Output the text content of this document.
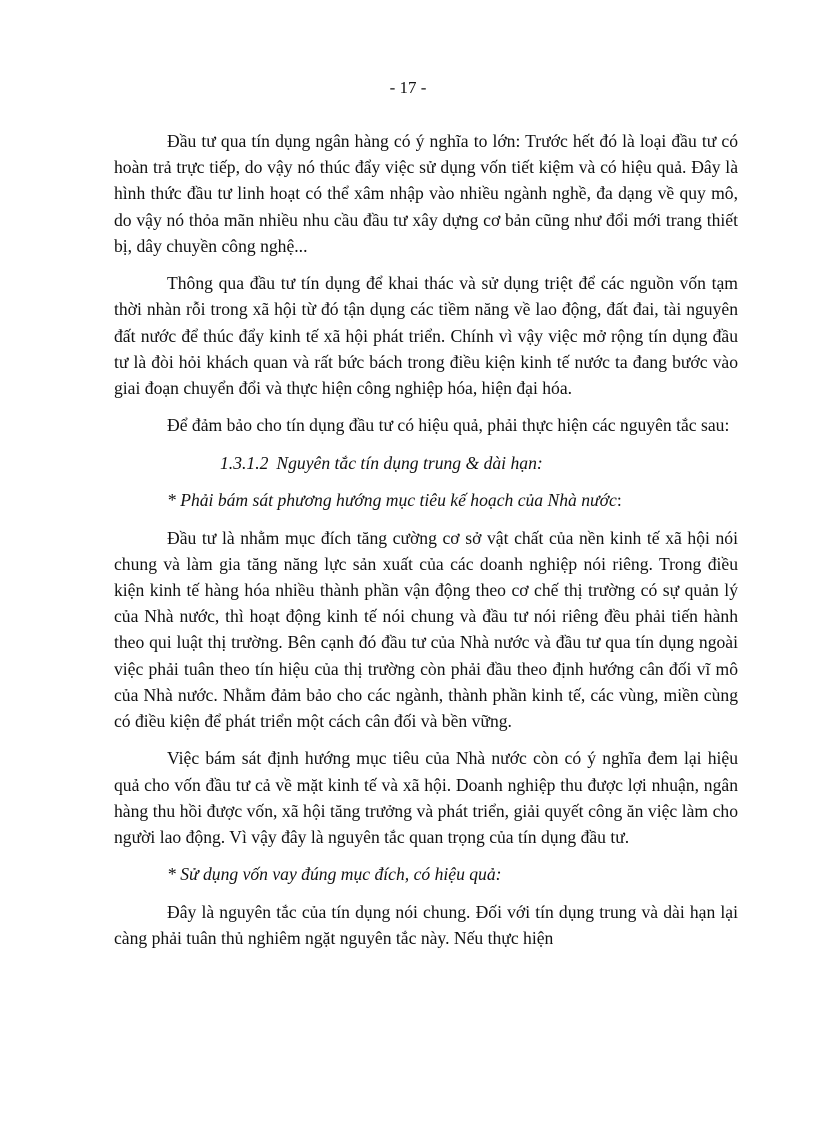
- 17 -

Đầu tư qua tín dụng ngân hàng có ý nghĩa to lớn: Trước hết đó là loại đầu tư có hoàn trả trực tiếp, do vậy nó thúc đẩy việc sử dụng vốn tiết kiệm và có hiệu quả. Đây là hình thức đầu tư linh hoạt có thể xâm nhập vào nhiều ngành nghề, đa dạng về quy mô, do vậy nó thỏa mãn nhiều nhu cầu đầu tư xây dựng cơ bản cũng như đổi mới trang thiết bị, dây chuyền công nghệ...

Thông qua đầu tư tín dụng để khai thác và sử dụng triệt để các nguồn vốn tạm thời nhàn rỗi trong xã hội từ đó tận dụng các tiềm năng về lao động, đất đai, tài nguyên đất nước để thúc đẩy kinh tế xã hội phát triển. Chính vì vậy việc mở rộng tín dụng đầu tư là đòi hỏi khách quan và rất bức bách trong điều kiện kinh tế nước ta đang bước vào giai đoạn chuyển đổi và thực hiện công nghiệp hóa, hiện đại hóa.

Để đảm bảo cho tín dụng đầu tư có hiệu quả, phải thực hiện các nguyên tắc sau:

1.3.1.2 Nguyên tắc tín dụng trung & dài hạn:

* Phải bám sát phương hướng mục tiêu kế hoạch của Nhà nước:

Đầu tư là nhằm mục đích tăng cường cơ sở vật chất của nền kinh tế xã hội nói chung và làm gia tăng năng lực sản xuất của các doanh nghiệp nói riêng. Trong điều kiện kinh tế hàng hóa nhiều thành phần vận động theo cơ chế thị trường có sự quản lý của Nhà nước, thì hoạt động kinh tế nói chung và đầu tư nói riêng đều phải tiến hành theo qui luật thị trường. Bên cạnh đó đầu tư của Nhà nước và đầu tư qua tín dụng ngoài việc phải tuân theo tín hiệu của thị trường còn phải đầu theo định hướng cân đối vĩ mô của Nhà nước. Nhằm đảm bảo cho các ngành, thành phần kinh tế, các vùng, miền cùng có điều kiện để phát triển một cách cân đối và bền vững.

Việc bám sát định hướng mục tiêu của Nhà nước còn có ý nghĩa đem lại hiệu quả cho vốn đầu tư cả về mặt kinh tế và xã hội. Doanh nghiệp thu được lợi nhuận, ngân hàng thu hồi được vốn, xã hội tăng trưởng và phát triển, giải quyết công ăn việc làm cho người lao động. Vì vậy đây là nguyên tắc quan trọng của tín dụng đầu tư.

* Sử dụng vốn vay đúng mục đích, có hiệu quả:

Đây là nguyên tắc của tín dụng nói chung. Đối với tín dụng trung và dài hạn lại càng phải tuân thủ nghiêm ngặt nguyên tắc này. Nếu thực hiện
